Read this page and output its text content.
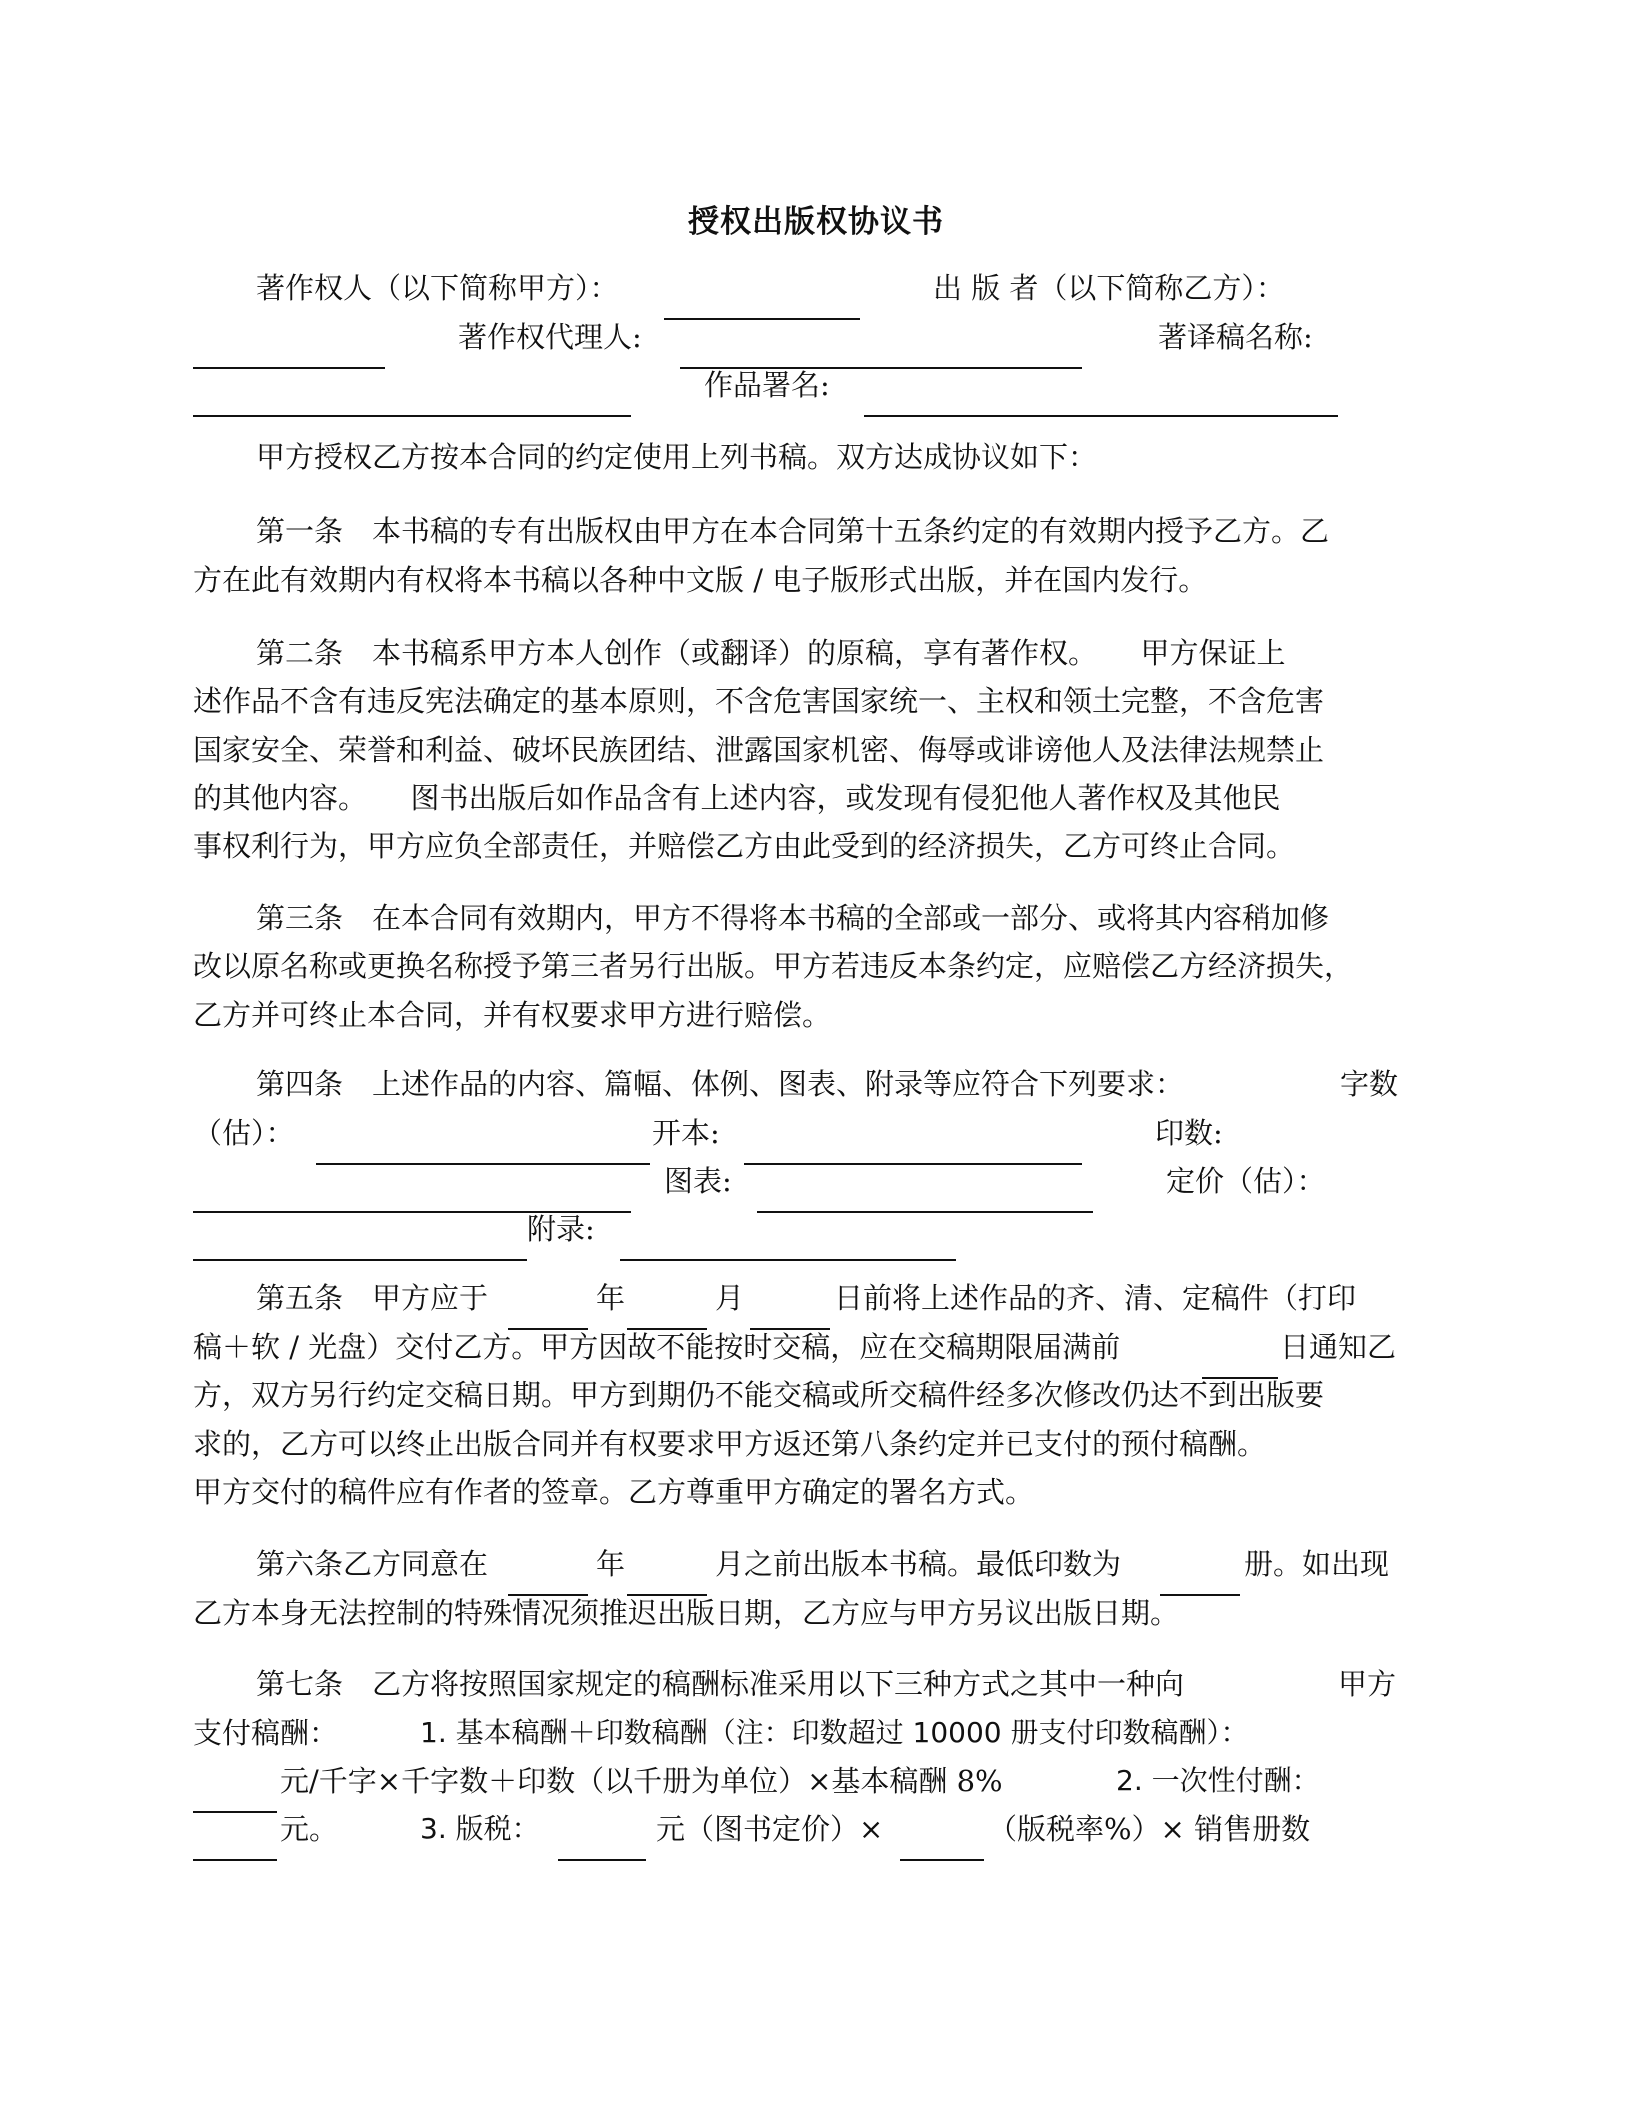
授权出版权协议书
著作权人（以下简称甲方）：	出 版 者（以下简称乙方）：
著作权代理人:	著译稿名称:
作品署名:
甲方授权乙方按本合同的约定使用上列书稿。双方达成协议如下：
第一条　本书稿的专有出版权由甲方在本合同第十五条约定的有效期内授予乙方。乙
方在此有效期内有权将本书稿以各种中文版 / 电子版形式出版，并在国内发行。
第二条　本书稿系甲方本人创作（或翻译）的原稿，享有著作权。　　甲方保证上
述作品不含有违反宪法确定的基本原则，不含危害国家统一、主权和领土完整，不含危害
国家安全、荣誉和利益、破坏民族团结、泄露国家机密、侮辱或诽谤他人及法律法规禁止
的其他内容。　　图书出版后如作品含有上述内容，或发现有侵犯他人著作权及其他民
事权利行为，甲方应负全部责任，并赔偿乙方由此受到的经济损失，乙方可终止合同。
第三条　在本合同有效期内，甲方不得将本书稿的全部或一部分、或将其内容稍加修
改以原名称或更换名称授予第三者另行出版。甲方若违反本条约定，应赔偿乙方经济损失，
乙方并可终止本合同，并有权要求甲方进行赔偿。
第四条　上述作品的内容、篇幅、体例、图表、附录等应符合下列要求：	字数
（估）：	开本:	印数:
图表:	定价（估）：
附录:
第五条　甲方应于	年	月	日前将上述作品的齐、清、定稿件（打印
稿＋软 / 光盘）交付乙方。甲方因故不能按时交稿，应在交稿期限届满前	日通知乙
方，双方另行约定交稿日期。甲方到期仍不能交稿或所交稿件经多次修改仍达不到出版要
求的，乙方可以终止出版合同并有权要求甲方返还第八条约定并已支付的预付稿酬。
甲方交付的稿件应有作者的签章。乙方尊重甲方确定的署名方式。
第六条乙方同意在	年	月之前出版本书稿。最低印数为	册。如出现
乙方本身无法控制的特殊情况须推迟出版日期，乙方应与甲方另议出版日期。
第七条　乙方将按照国家规定的稿酬标准采用以下三种方式之其中一种向	甲方
支付稿酬：	1. 基本稿酬＋印数稿酬（注：印数超过 10000 册支付印数稿酬）：
元/千字×千字数＋印数（以千册为单位）×基本稿酬 8%	2. 一次性付酬：
元。	3. 版税：	元（图书定价）×	（版税率%）× 销售册数
